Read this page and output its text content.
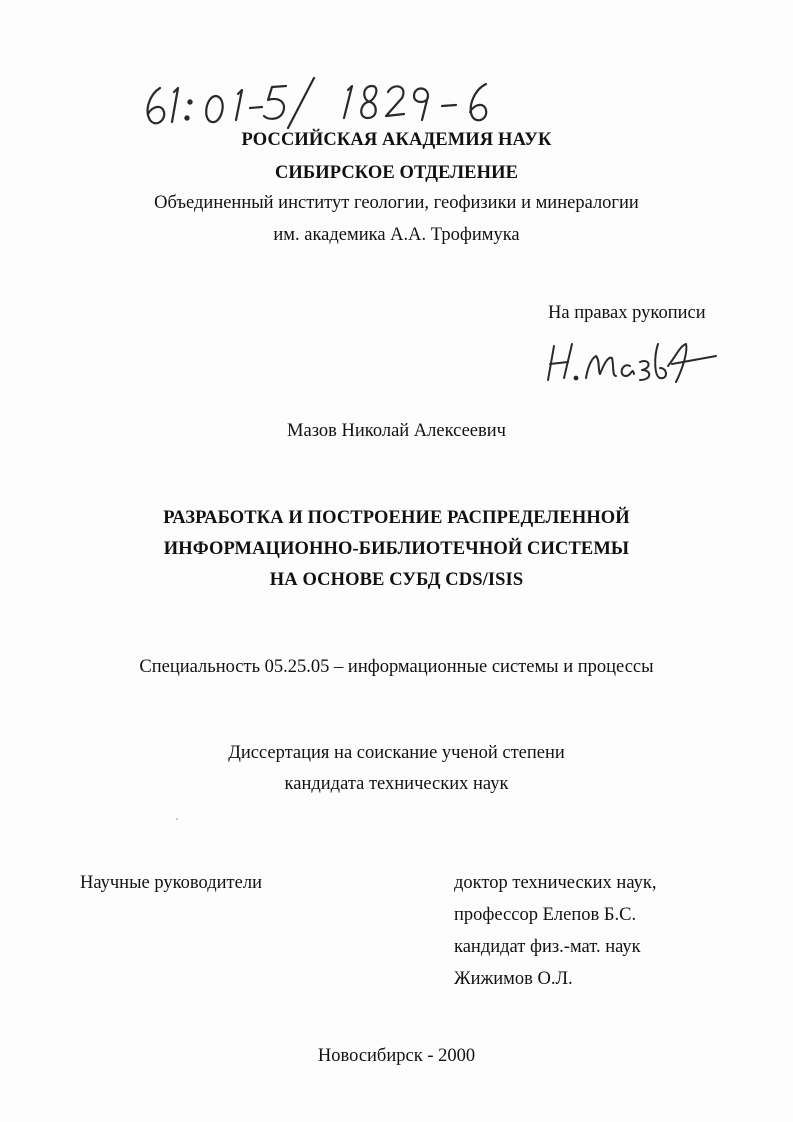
РОССИЙСКАЯ АКАДЕМИЯ НАУК
СИБИРСКОЕ ОТДЕЛЕНИЕ
Объединенный институт геологии, геофизики и минералогии
им. академика А.А. Трофимука
На правах рукописи
Мазов Николай Алексеевич
РАЗРАБОТКА И ПОСТРОЕНИЕ РАСПРЕДЕЛЕННОЙ
ИНФОРМАЦИОННО-БИБЛИОТЕЧНОЙ СИСТЕМЫ
НА ОСНОВЕ СУБД CDS/ISIS
Специальность 05.25.05 – информационные системы и процессы
Диссертация на соискание ученой степени
кандидата технических наук
Научные руководители	доктор технических наук,
профессор Елепов Б.С.
кандидат физ.-мат. наук
Жижимов О.Л.
Новосибирск - 2000
